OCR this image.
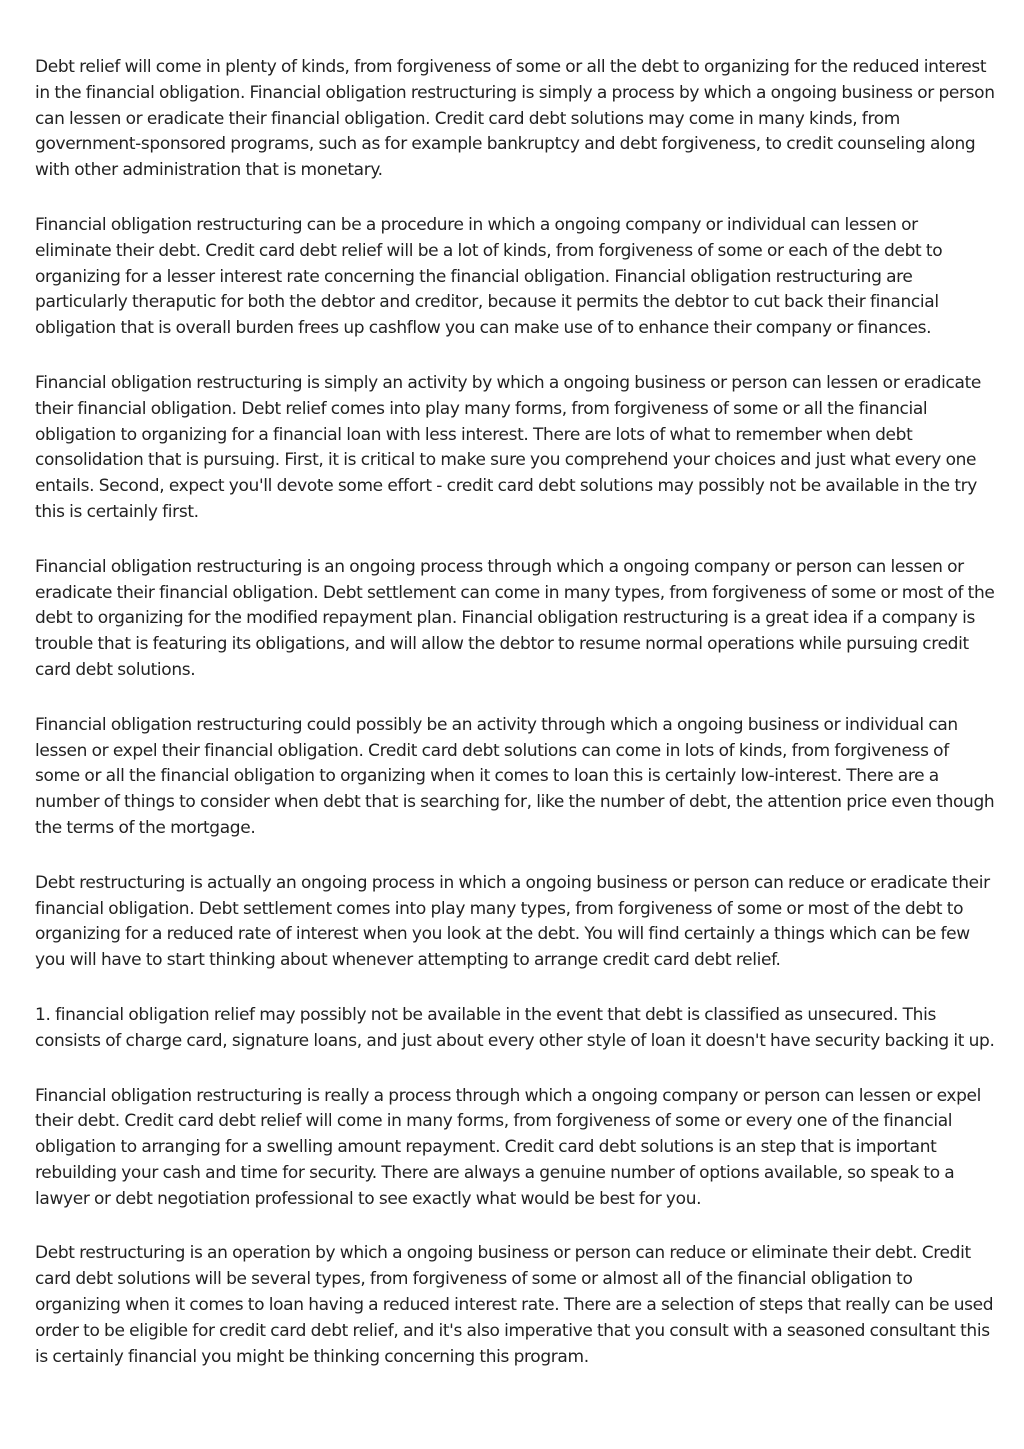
Debt relief will come in plenty of kinds, from forgiveness of some or all the debt to organizing for the reduced interest in the financial obligation. Financial obligation restructuring is simply a process by which a ongoing business or person can lessen or eradicate their financial obligation. Credit card debt solutions may come in many kinds, from government-sponsored programs, such as for example bankruptcy and debt forgiveness, to credit counseling along with other administration that is monetary.

Financial obligation restructuring can be a procedure in which a ongoing company or individual can lessen or eliminate their debt. Credit card debt relief will be a lot of kinds, from forgiveness of some or each of the debt to organizing for a lesser interest rate concerning the financial obligation. Financial obligation restructuring are particularly theraputic for both the debtor and creditor, because it permits the debtor to cut back their financial obligation that is overall burden frees up cashflow you can make use of to enhance their company or finances.

Financial obligation restructuring is simply an activity by which a ongoing business or person can lessen or eradicate their financial obligation. Debt relief comes into play many forms, from forgiveness of some or all the financial obligation to organizing for a financial loan with less interest. There are lots of what to remember when debt consolidation that is pursuing. First, it is critical to make sure you comprehend your choices and just what every one entails. Second, expect you'll devote some effort - credit card debt solutions may possibly not be available in the try this is certainly first.

Financial obligation restructuring is an ongoing process through which a ongoing company or person can lessen or eradicate their financial obligation. Debt settlement can come in many types, from forgiveness of some or most of the debt to organizing for the modified repayment plan. Financial obligation restructuring is a great idea if a company is trouble that is featuring its obligations, and will allow the debtor to resume normal operations while pursuing credit card debt solutions.

Financial obligation restructuring could possibly be an activity through which a ongoing business or individual can lessen or expel their financial obligation. Credit card debt solutions can come in lots of kinds, from forgiveness of some or all the financial obligation to organizing when it comes to loan this is certainly low-interest. There are a number of things to consider when debt that is searching for, like the number of debt, the attention price even though the terms of the mortgage.

Debt restructuring is actually an ongoing process in which a ongoing business or person can reduce or eradicate their financial obligation. Debt settlement comes into play many types, from forgiveness of some or most of the debt to organizing for a reduced rate of interest when you look at the debt. You will find certainly a things which can be few you will have to start thinking about whenever attempting to arrange credit card debt relief.

1. financial obligation relief may possibly not be available in the event that debt is classified as unsecured. This consists of charge card, signature loans, and just about every other style of loan it doesn't have security backing it up.

Financial obligation restructuring is really a process through which a ongoing company or person can lessen or expel their debt. Credit card debt relief will come in many forms, from forgiveness of some or every one of the financial obligation to arranging for a swelling amount repayment. Credit card debt solutions is an step that is important rebuilding your cash and time for security. There are always a genuine number of options available, so speak to a lawyer or debt negotiation professional to see exactly what would be best for you.

Debt restructuring is an operation by which a ongoing business or person can reduce or eliminate their debt. Credit card debt solutions will be several types, from forgiveness of some or almost all of the financial obligation to organizing when it comes to loan having a reduced interest rate. There are a selection of steps that really can be used order to be eligible for credit card debt relief, and it's also imperative that you consult with a seasoned consultant this is certainly financial you might be thinking concerning this program.
